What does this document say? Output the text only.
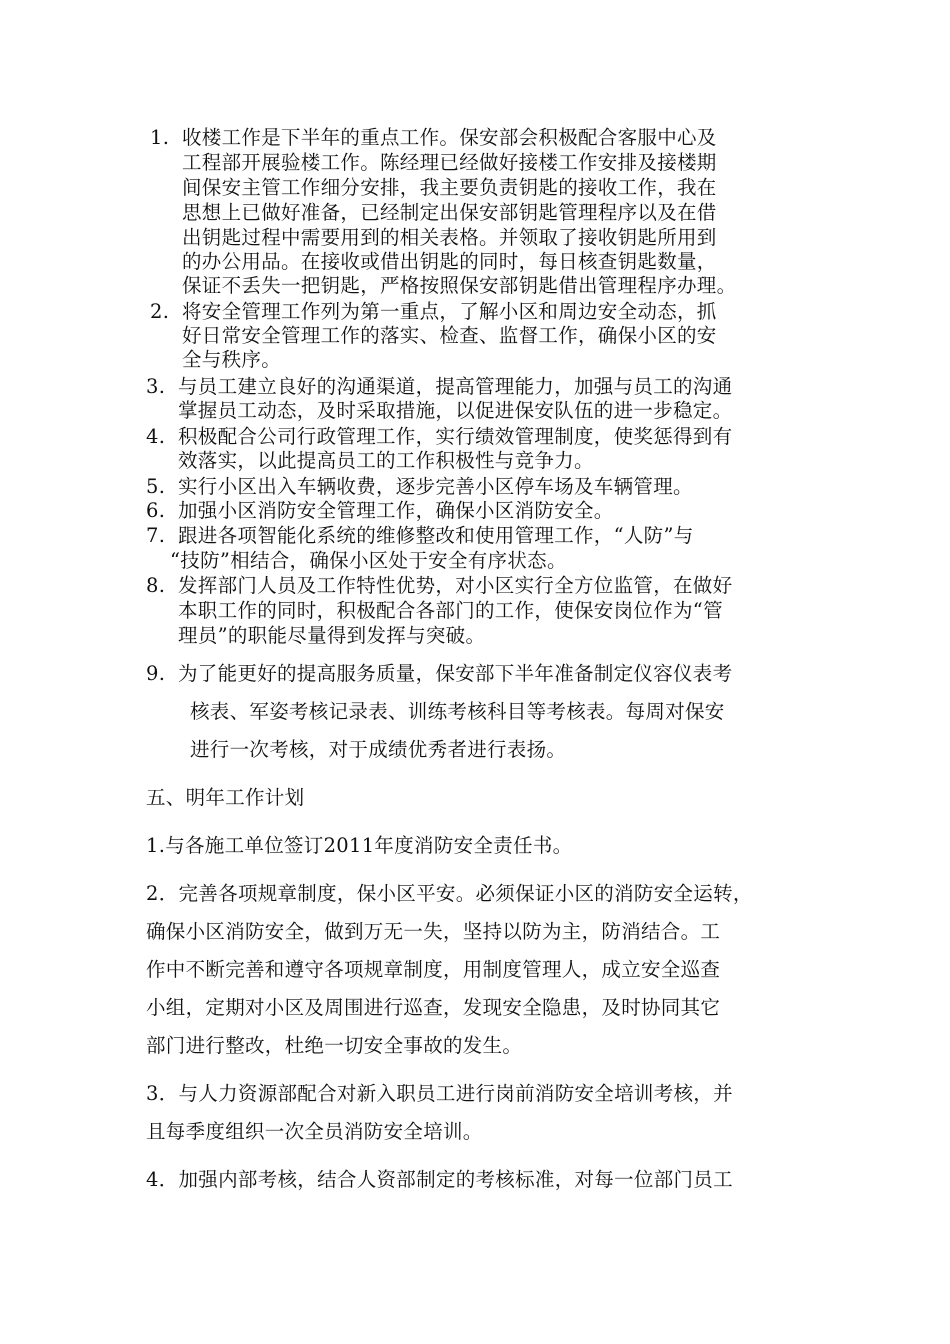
1. 收楼工作是下半年的重点工作。保安部会积极配合客服中心及
工程部开展验楼工作。陈经理已经做好接楼工作安排及接楼期
间保安主管工作细分安排，我主要负责钥匙的接收工作，我在
思想上已做好准备，已经制定出保安部钥匙管理程序以及在借
出钥匙过程中需要用到的相关表格。并领取了接收钥匙所用到
的办公用品。在接收或借出钥匙的同时，每日核查钥匙数量，
保证不丢失一把钥匙，严格按照保安部钥匙借出管理程序办理。
2. 将安全管理工作列为第一重点，了解小区和周边安全动态，抓
好日常安全管理工作的落实、检查、监督工作，确保小区的安
全与秩序。
3. 与员工建立良好的沟通渠道，提高管理能力，加强与员工的沟通
掌握员工动态，及时采取措施，以促进保安队伍的进一步稳定。
4. 积极配合公司行政管理工作，实行绩效管理制度，使奖惩得到有
效落实，以此提高员工的工作积极性与竞争力。
5. 实行小区出入车辆收费，逐步完善小区停车场及车辆管理。
6. 加强小区消防安全管理工作，确保小区消防安全。
7. 跟进各项智能化系统的维修整改和使用管理工作，“人防”与
“技防”相结合，确保小区处于安全有序状态。
8. 发挥部门人员及工作特性优势，对小区实行全方位监管，在做好
本职工作的同时，积极配合各部门的工作，使保安岗位作为“管
理员”的职能尽量得到发挥与突破。
9. 为了能更好的提高服务质量，保安部下半年准备制定仪容仪表考
核表、军姿考核记录表、训练考核科目等考核表。每周对保安
进行一次考核，对于成绩优秀者进行表扬。
五、明年工作计划
1.与各施工单位签订2011年度消防安全责任书。
2．完善各项规章制度，保小区平安。必须保证小区的消防安全运转，
确保小区消防安全，做到万无一失，坚持以防为主，防消结合。工
作中不断完善和遵守各项规章制度，用制度管理人，成立安全巡查
小组，定期对小区及周围进行巡查，发现安全隐患，及时协同其它
部门进行整改，杜绝一切安全事故的发生。
3．与人力资源部配合对新入职员工进行岗前消防安全培训考核，并
且每季度组织一次全员消防安全培训。
4．加强内部考核，结合人资部制定的考核标准，对每一位部门员工
